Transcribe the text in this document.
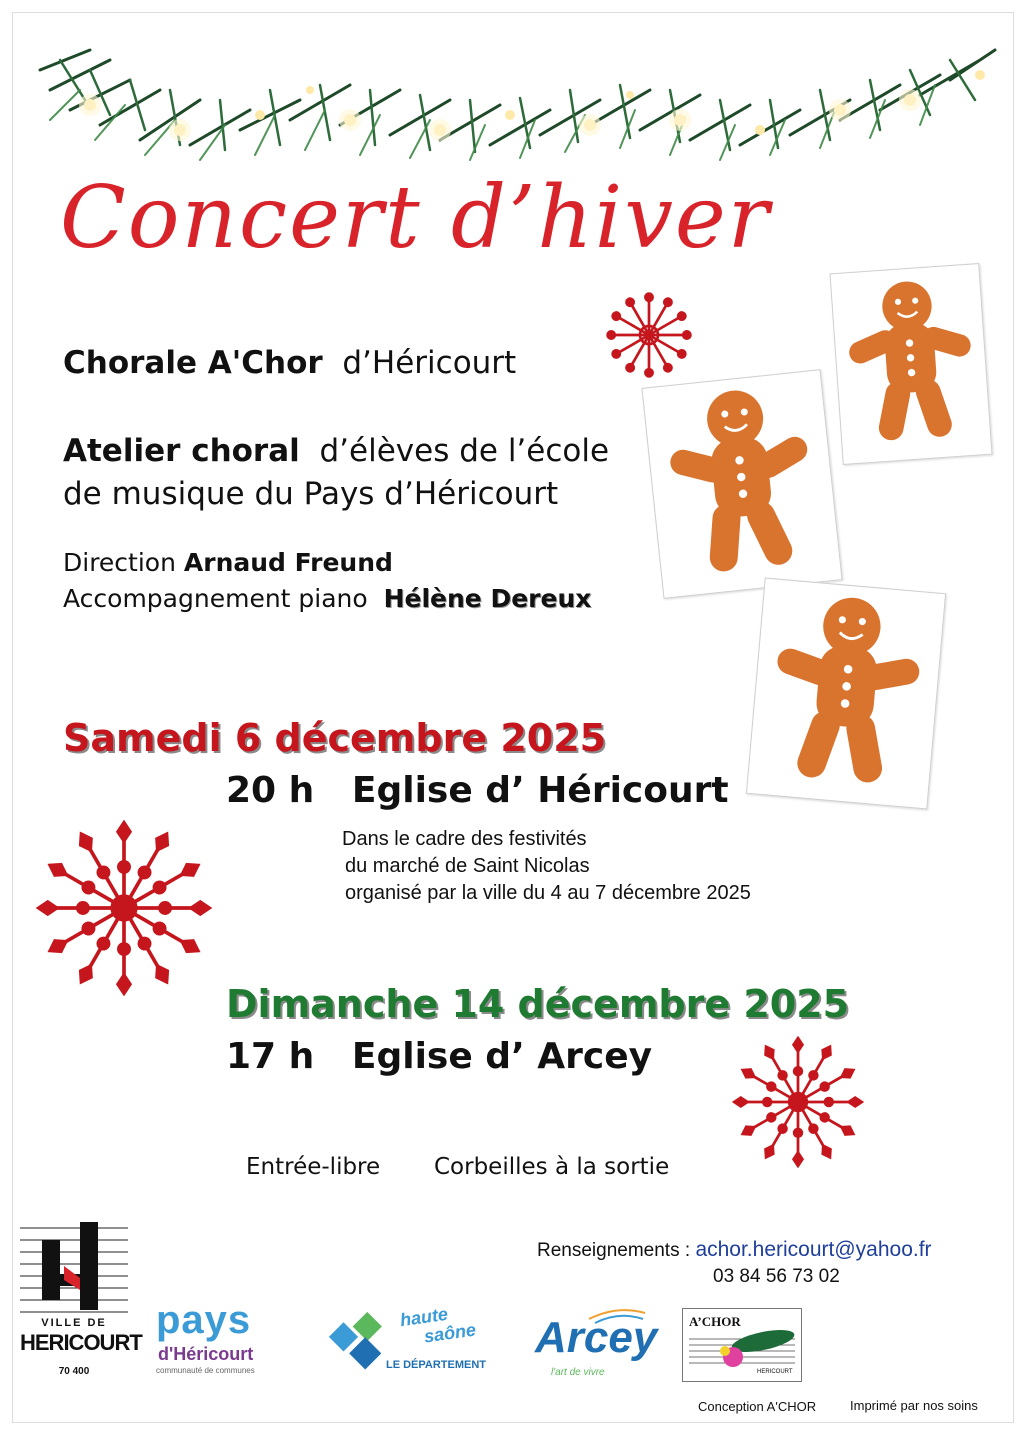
Concert d’hiver
Chorale A'Chor d’Héricourt
Atelier choral d’élèves de l’école
de musique du Pays d’Héricourt
Direction Arnaud Freund
Accompagnement piano Hélène Dereux
Samedi 6 décembre 2025
20 h Eglise d’ Héricourt
Dans le cadre des festivités
du marché de Saint Nicolas
organisé par la ville du 4 au 7 décembre 2025
Dimanche 14 décembre 2025
17 h Eglise d’ Arcey
Entrée-libre Corbeilles à la sortie
Renseignements : achor.hericourt@yahoo.fr
03 84 56 73 02
VILLE DE
HERICOURT
70 400
pays
d'Héricourt
communauté de communes
haute
saône
LE DÉPARTEMENT
Arcey
l'art de vivre
A’CHOR
HERICOURT
Conception A'CHOR	Imprimé par nos soins
